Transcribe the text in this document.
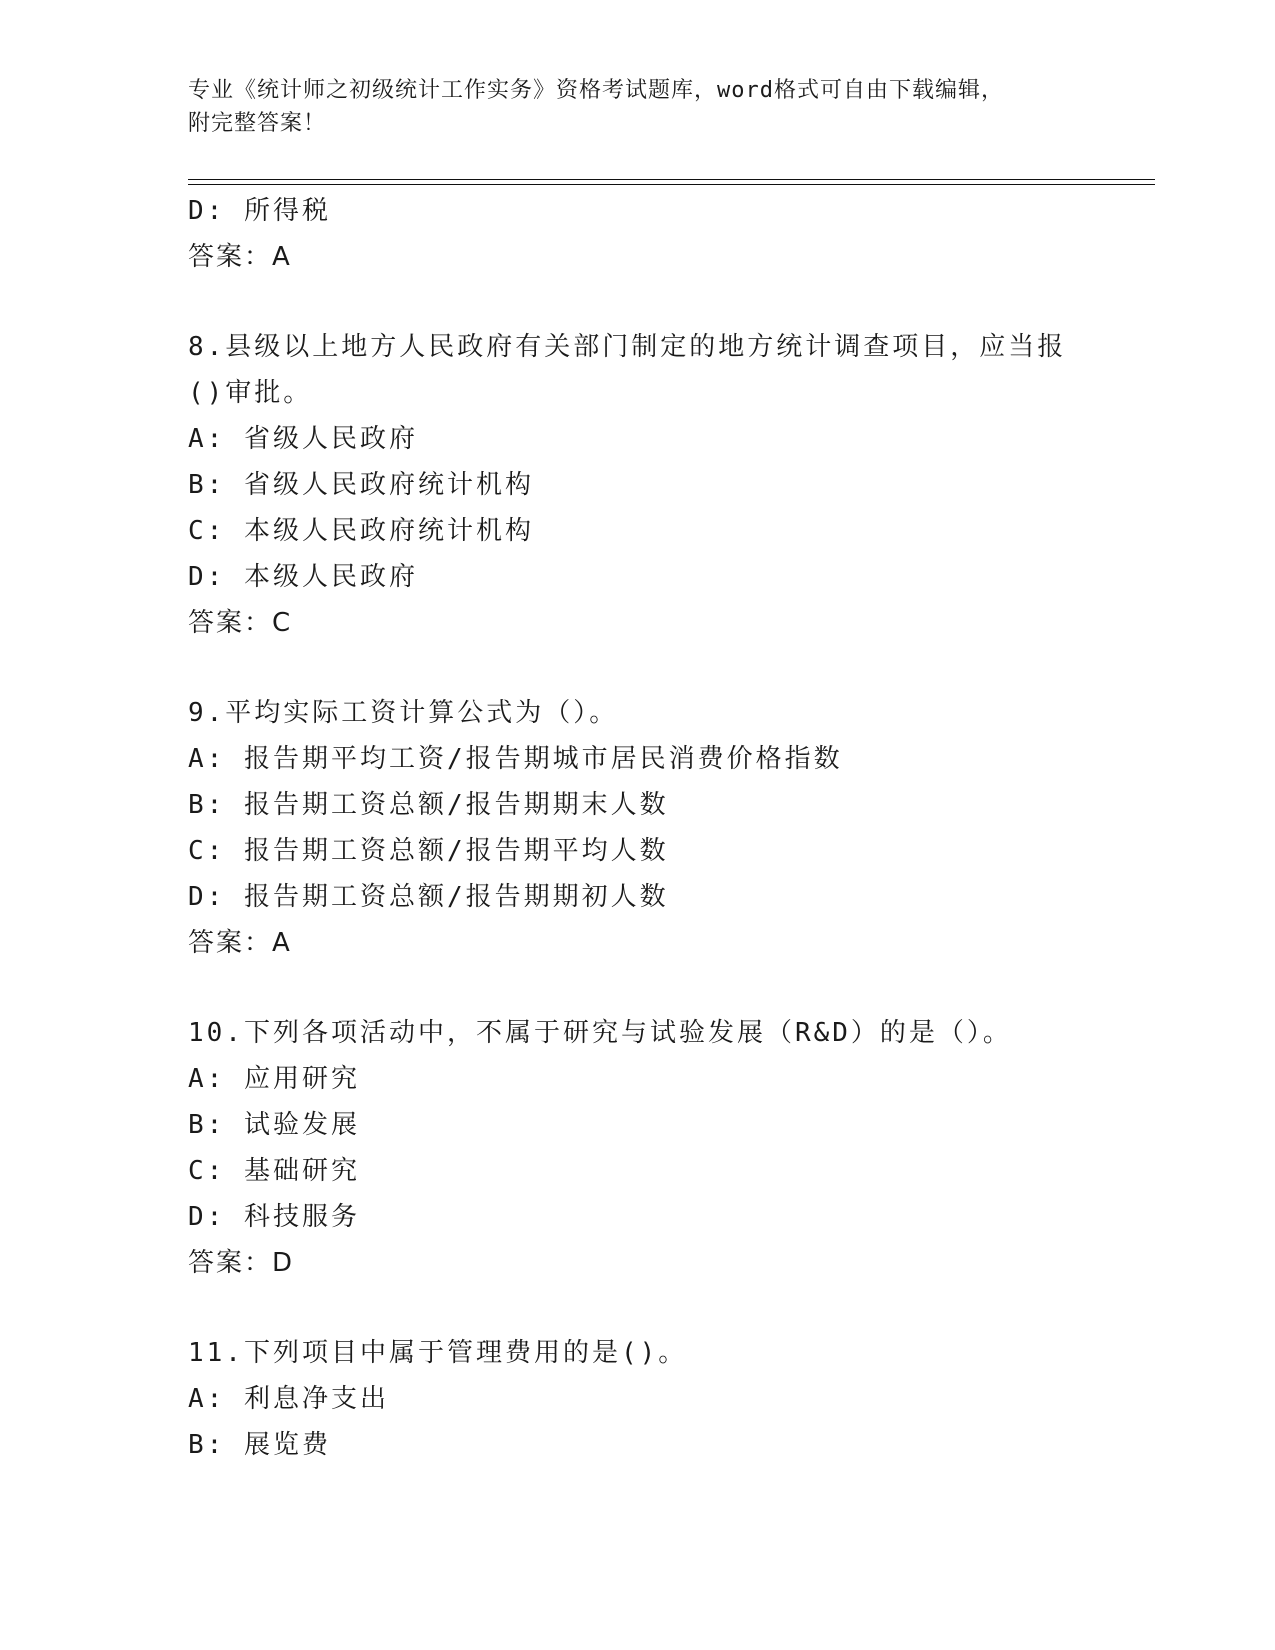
专业《统计师之初级统计工作实务》资格考试题库，word格式可自由下载编辑，
附完整答案！
D: 所得税
答案：A
8.县级以上地方人民政府有关部门制定的地方统计调查项目，应当报
()审批。
A: 省级人民政府
B: 省级人民政府统计机构
C: 本级人民政府统计机构
D: 本级人民政府
答案：C
9.平均实际工资计算公式为（）。
A: 报告期平均工资/报告期城市居民消费价格指数
B: 报告期工资总额/报告期期末人数
C: 报告期工资总额/报告期平均人数
D: 报告期工资总额/报告期期初人数
答案：A
10.下列各项活动中，不属于研究与试验发展（R&D）的是（）。
A: 应用研究
B: 试验发展
C: 基础研究
D: 科技服务
答案：D
11.下列项目中属于管理费用的是()。
A: 利息净支出
B: 展览费
